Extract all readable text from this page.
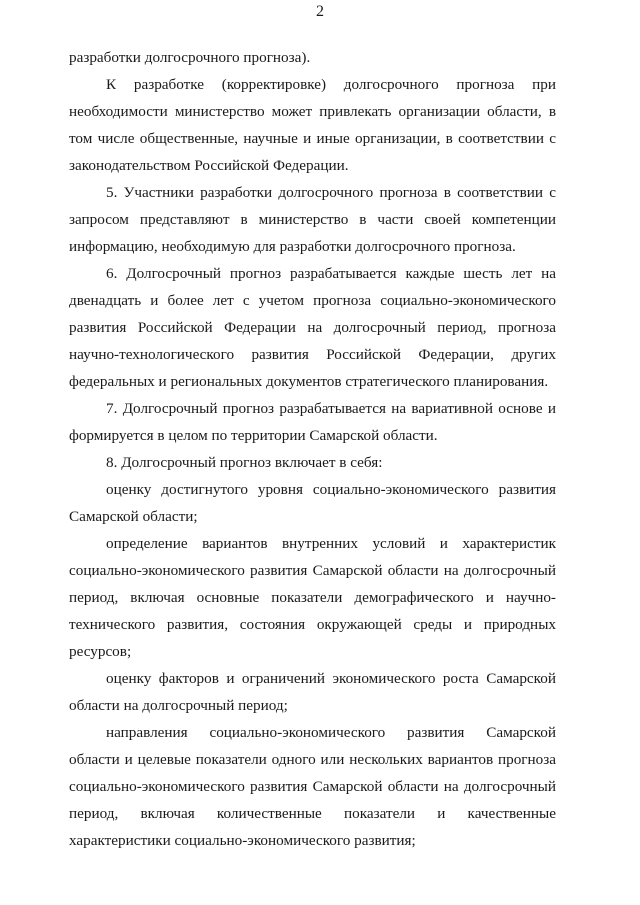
2

разработки долгосрочного прогноза).

К разработке (корректировке) долгосрочного прогноза при необходимости министерство может привлекать организации области, в том числе общественные, научные и иные организации, в соответствии с законодательством Российской Федерации.

5. Участники разработки долгосрочного прогноза в соответствии с запросом представляют в министерство в части своей компетенции информацию, необходимую для разработки долгосрочного прогноза.

6. Долгосрочный прогноз разрабатывается каждые шесть лет на двенадцать и более лет с учетом прогноза социально-экономического развития Российской Федерации на долгосрочный период, прогноза научно-технологического развития Российской Федерации, других федеральных и региональных документов стратегического планирования.

7. Долгосрочный прогноз разрабатывается на вариативной основе и формируется в целом по территории Самарской области.

8. Долгосрочный прогноз включает в себя:

оценку достигнутого уровня социально-экономического развития Самарской области;

определение вариантов внутренних условий и характеристик социально-экономического развития Самарской области на долгосрочный период, включая основные показатели демографического и научно-технического развития, состояния окружающей среды и природных ресурсов;

оценку факторов и ограничений экономического роста Самарской области на долгосрочный период;

направления социально-экономического развития Самарской области и целевые показатели одного или нескольких вариантов прогноза социально-экономического развития Самарской области на долгосрочный период, включая количественные показатели и качественные характеристики социально-экономического развития;
